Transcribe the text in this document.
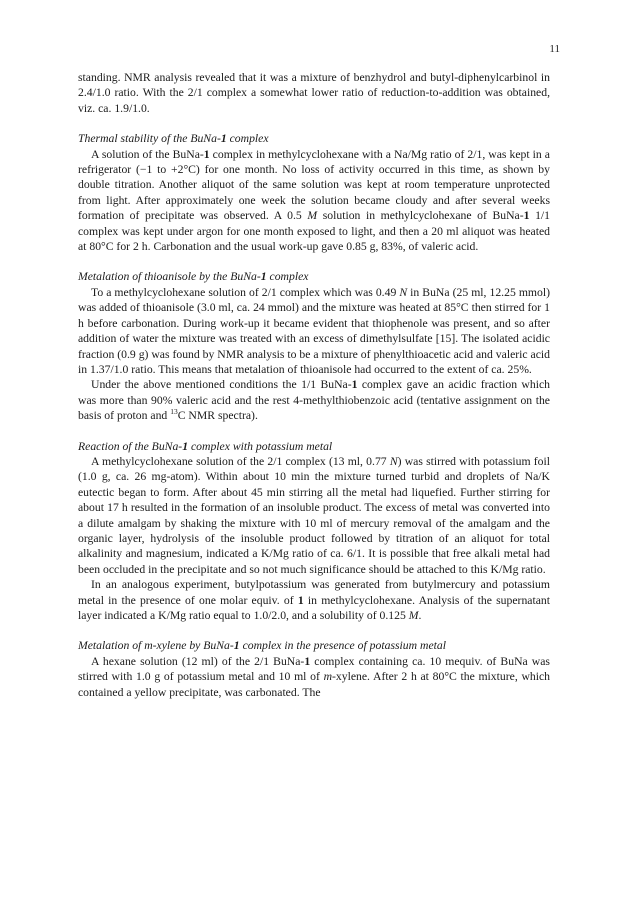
11

standing. NMR analysis revealed that it was a mixture of benzhydrol and butyl-diphenylcarbinol in 2.4/1.0 ratio. With the 2/1 complex a somewhat lower ratio of reduction-to-addition was obtained, viz. ca. 1.9/1.0.

Thermal stability of the BuNa-1 complex

A solution of the BuNa-1 complex in methylcyclohexane with a Na/Mg ratio of 2/1, was kept in a refrigerator (−1 to +2°C) for one month. No loss of activity occurred in this time, as shown by double titration. Another aliquot of the same solution was kept at room temperature unprotected from light. After approximately one week the solution became cloudy and after several weeks formation of precipitate was observed. A 0.5 M solution in methylcyclohexane of BuNa-1 1/1 complex was kept under argon for one month exposed to light, and then a 20 ml aliquot was heated at 80°C for 2 h. Carbonation and the usual work-up gave 0.85 g, 83%, of valeric acid.

Metalation of thioanisole by the BuNa-1 complex

To a methylcyclohexane solution of 2/1 complex which was 0.49 N in BuNa (25 ml, 12.25 mmol) was added of thioanisole (3.0 ml, ca. 24 mmol) and the mixture was heated at 85°C then stirred for 1 h before carbonation. During work-up it became evident that thiophenole was present, and so after addition of water the mixture was treated with an excess of dimethylsulfate [15]. The isolated acidic fraction (0.9 g) was found by NMR analysis to be a mixture of phenylthioacetic acid and valeric acid in 1.37/1.0 ratio. This means that metalation of thioanisole had occurred to the extent of ca. 25%.

Under the above mentioned conditions the 1/1 BuNa-1 complex gave an acidic fraction which was more than 90% valeric acid and the rest 4-methylthiobenzoic acid (tentative assignment on the basis of proton and $^{13}$C NMR spectra).

Reaction of the BuNa-1 complex with potassium metal

A methylcyclohexane solution of the 2/1 complex (13 ml, 0.77 N) was stirred with potassium foil (1.0 g, ca. 26 mg-atom). Within about 10 min the mixture turned turbid and droplets of Na/K eutectic began to form. After about 45 min stirring all the metal had liquefied. Further stirring for about 17 h resulted in the formation of an insoluble product. The excess of metal was converted into a dilute amalgam by shaking the mixture with 10 ml of mercury removal of the amalgam and the organic layer, hydrolysis of the insoluble product followed by titration of an aliquot for total alkalinity and magnesium, indicated a K/Mg ratio of ca. 6/1. It is possible that free alkali metal had been occluded in the precipitate and so not much significance should be attached to this K/Mg ratio.

In an analogous experiment, butylpotassium was generated from butylmercury and potassium metal in the presence of one molar equiv. of 1 in methylcyclohexane. Analysis of the supernatant layer indicated a K/Mg ratio equal to 1.0/2.0, and a solubility of 0.125 M.

Metalation of m-xylene by BuNa-1 complex in the presence of potassium metal

A hexane solution (12 ml) of the 2/1 BuNa-1 complex containing ca. 10 mequiv. of BuNa was stirred with 1.0 g of potassium metal and 10 ml of m-xylene. After 2 h at 80°C the mixture, which contained a yellow precipitate, was carbonated. The
